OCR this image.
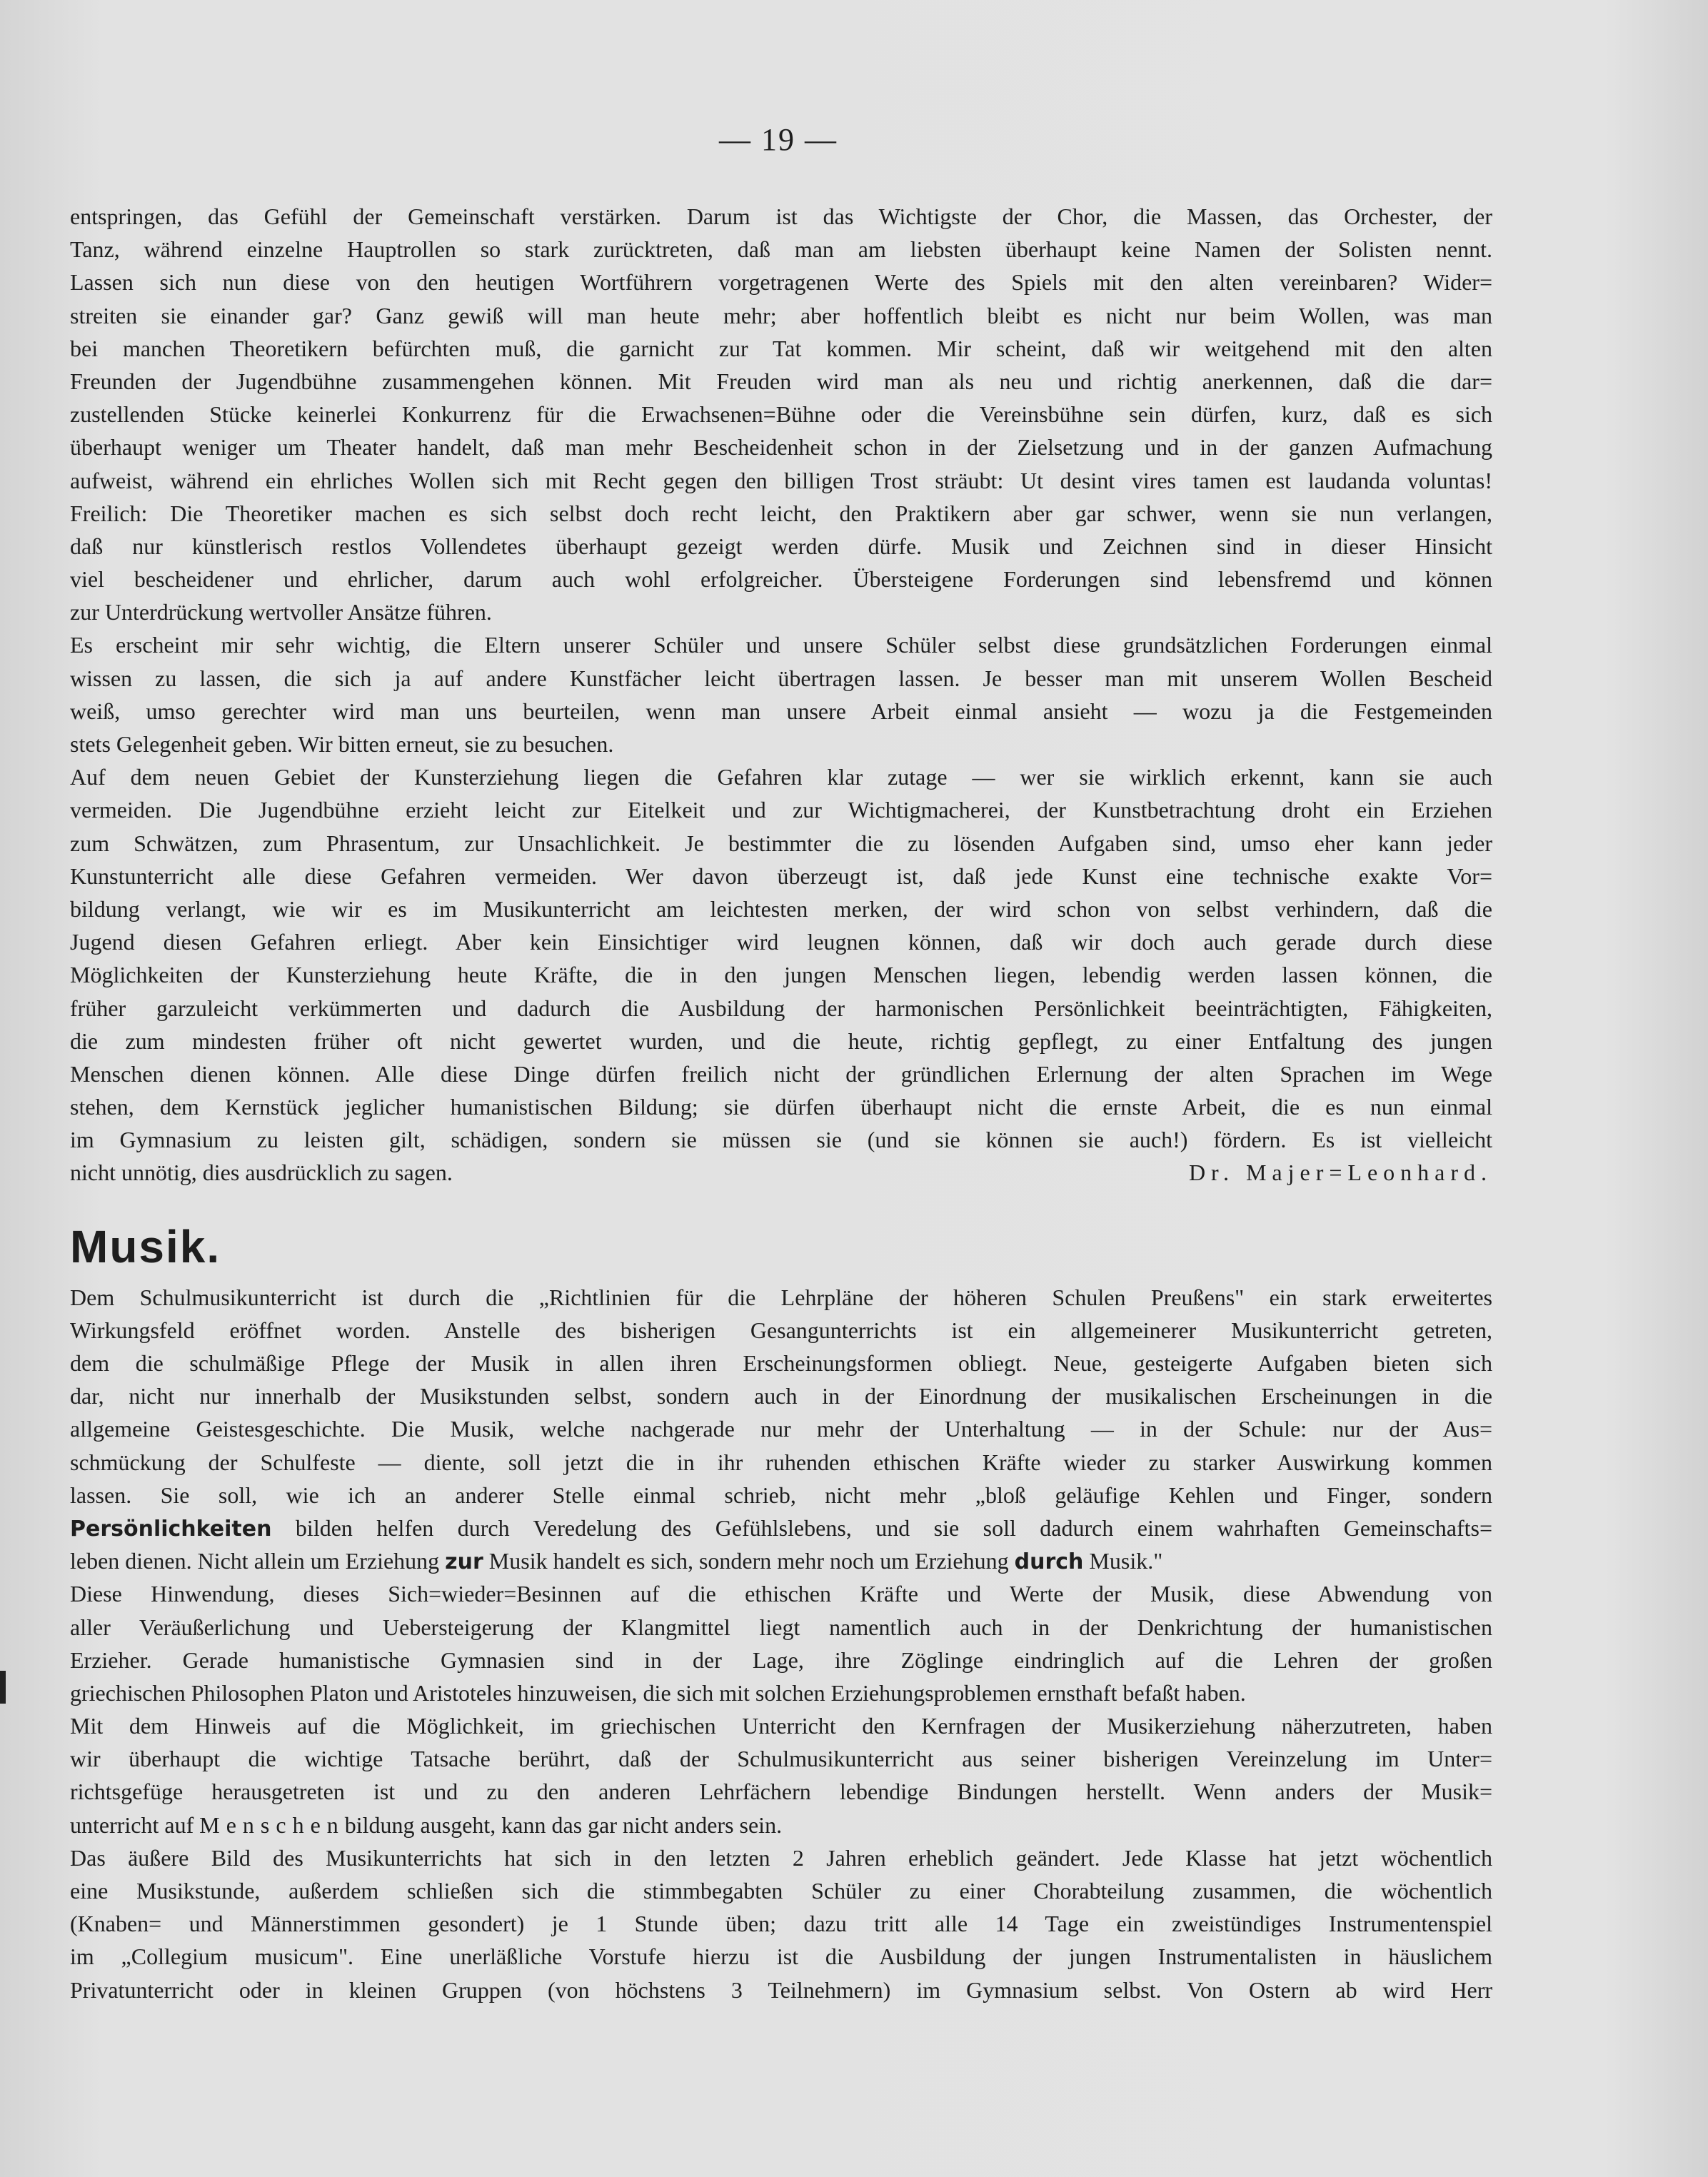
— 19 —
entspringen, das Gefühl der Gemeinschaft verstärken. Darum ist das Wichtigste der Chor, die Massen, das Orchester, der
Tanz, während einzelne Hauptrollen so stark zurücktreten, daß man am liebsten überhaupt keine Namen der Solisten nennt.
Lassen sich nun diese von den heutigen Wortführern vorgetragenen Werte des Spiels mit den alten vereinbaren? Wider=
streiten sie einander gar? Ganz gewiß will man heute mehr; aber hoffentlich bleibt es nicht nur beim Wollen, was man
bei manchen Theoretikern befürchten muß, die garnicht zur Tat kommen. Mir scheint, daß wir weitgehend mit den alten
Freunden der Jugendbühne zusammengehen können. Mit Freuden wird man als neu und richtig anerkennen, daß die dar=
zustellenden Stücke keinerlei Konkurrenz für die Erwachsenen=Bühne oder die Vereinsbühne sein dürfen, kurz, daß es sich
überhaupt weniger um Theater handelt, daß man mehr Bescheidenheit schon in der Zielsetzung und in der ganzen Aufmachung
aufweist, während ein ehrliches Wollen sich mit Recht gegen den billigen Trost sträubt: Ut desint vires tamen est laudanda voluntas!
Freilich: Die Theoretiker machen es sich selbst doch recht leicht, den Praktikern aber gar schwer, wenn sie nun verlangen,
daß nur künstlerisch restlos Vollendetes überhaupt gezeigt werden dürfe. Musik und Zeichnen sind in dieser Hinsicht
viel bescheidener und ehrlicher, darum auch wohl erfolgreicher. Übersteigene Forderungen sind lebensfremd und können
zur Unterdrückung wertvoller Ansätze führen.
Es erscheint mir sehr wichtig, die Eltern unserer Schüler und unsere Schüler selbst diese grundsätzlichen Forderungen einmal
wissen zu lassen, die sich ja auf andere Kunstfächer leicht übertragen lassen. Je besser man mit unserem Wollen Bescheid
weiß, umso gerechter wird man uns beurteilen, wenn man unsere Arbeit einmal ansieht — wozu ja die Festgemeinden
stets Gelegenheit geben. Wir bitten erneut, sie zu besuchen.
Auf dem neuen Gebiet der Kunsterziehung liegen die Gefahren klar zutage — wer sie wirklich erkennt, kann sie auch
vermeiden. Die Jugendbühne erzieht leicht zur Eitelkeit und zur Wichtigmacherei, der Kunstbetrachtung droht ein Erziehen
zum Schwätzen, zum Phrasentum, zur Unsachlichkeit. Je bestimmter die zu lösenden Aufgaben sind, umso eher kann jeder
Kunstunterricht alle diese Gefahren vermeiden. Wer davon überzeugt ist, daß jede Kunst eine technische exakte Vor=
bildung verlangt, wie wir es im Musikunterricht am leichtesten merken, der wird schon von selbst verhindern, daß die
Jugend diesen Gefahren erliegt. Aber kein Einsichtiger wird leugnen können, daß wir doch auch gerade durch diese
Möglichkeiten der Kunsterziehung heute Kräfte, die in den jungen Menschen liegen, lebendig werden lassen können, die
früher garzuleicht verkümmerten und dadurch die Ausbildung der harmonischen Persönlichkeit beeinträchtigten, Fähigkeiten,
die zum mindesten früher oft nicht gewertet wurden, und die heute, richtig gepflegt, zu einer Entfaltung des jungen
Menschen dienen können. Alle diese Dinge dürfen freilich nicht der gründlichen Erlernung der alten Sprachen im Wege
stehen, dem Kernstück jeglicher humanistischen Bildung; sie dürfen überhaupt nicht die ernste Arbeit, die es nun einmal
im Gymnasium zu leisten gilt, schädigen, sondern sie müssen sie (und sie können sie auch!) fördern. Es ist vielleicht
nicht unnötig, dies ausdrücklich zu sagen.	Dr. Majer=Leonhard.
Musik.
Dem Schulmusikunterricht ist durch die „Richtlinien für die Lehrpläne der höheren Schulen Preußens" ein stark erweitertes
Wirkungsfeld eröffnet worden. Anstelle des bisherigen Gesangunterrichts ist ein allgemeinerer Musikunterricht getreten,
dem die schulmäßige Pflege der Musik in allen ihren Erscheinungsformen obliegt. Neue, gesteigerte Aufgaben bieten sich
dar, nicht nur innerhalb der Musikstunden selbst, sondern auch in der Einordnung der musikalischen Erscheinungen in die
allgemeine Geistesgeschichte. Die Musik, welche nachgerade nur mehr der Unterhaltung — in der Schule: nur der Aus=
schmückung der Schulfeste — diente, soll jetzt die in ihr ruhenden ethischen Kräfte wieder zu starker Auswirkung kommen
lassen. Sie soll, wie ich an anderer Stelle einmal schrieb, nicht mehr „bloß geläufige Kehlen und Finger, sondern
Persönlichkeiten bilden helfen durch Veredelung des Gefühlslebens, und sie soll dadurch einem wahrhaften Gemeinschafts=
leben dienen. Nicht allein um Erziehung zur Musik handelt es sich, sondern mehr noch um Erziehung durch Musik."
Diese Hinwendung, dieses Sich=wieder=Besinnen auf die ethischen Kräfte und Werte der Musik, diese Abwendung von
aller Veräußerlichung und Uebersteigerung der Klangmittel liegt namentlich auch in der Denkrichtung der humanistischen
Erzieher. Gerade humanistische Gymnasien sind in der Lage, ihre Zöglinge eindringlich auf die Lehren der großen
griechischen Philosophen Platon und Aristoteles hinzuweisen, die sich mit solchen Erziehungsproblemen ernsthaft befaßt haben.
Mit dem Hinweis auf die Möglichkeit, im griechischen Unterricht den Kernfragen der Musikerziehung näherzutreten, haben
wir überhaupt die wichtige Tatsache berührt, daß der Schulmusikunterricht aus seiner bisherigen Vereinzelung im Unter=
richtsgefüge herausgetreten ist und zu den anderen Lehrfächern lebendige Bindungen herstellt. Wenn anders der Musik=
unterricht auf Menschenbildung ausgeht, kann das gar nicht anders sein.
Das äußere Bild des Musikunterrichts hat sich in den letzten 2 Jahren erheblich geändert. Jede Klasse hat jetzt wöchentlich
eine Musikstunde, außerdem schließen sich die stimmbegabten Schüler zu einer Chorabteilung zusammen, die wöchentlich
(Knaben= und Männerstimmen gesondert) je 1 Stunde üben; dazu tritt alle 14 Tage ein zweistündiges Instrumentenspiel
im „Collegium musicum". Eine unerläßliche Vorstufe hierzu ist die Ausbildung der jungen Instrumentalisten in häuslichem
Privatunterricht oder in kleinen Gruppen (von höchstens 3 Teilnehmern) im Gymnasium selbst. Von Ostern ab wird Herr
